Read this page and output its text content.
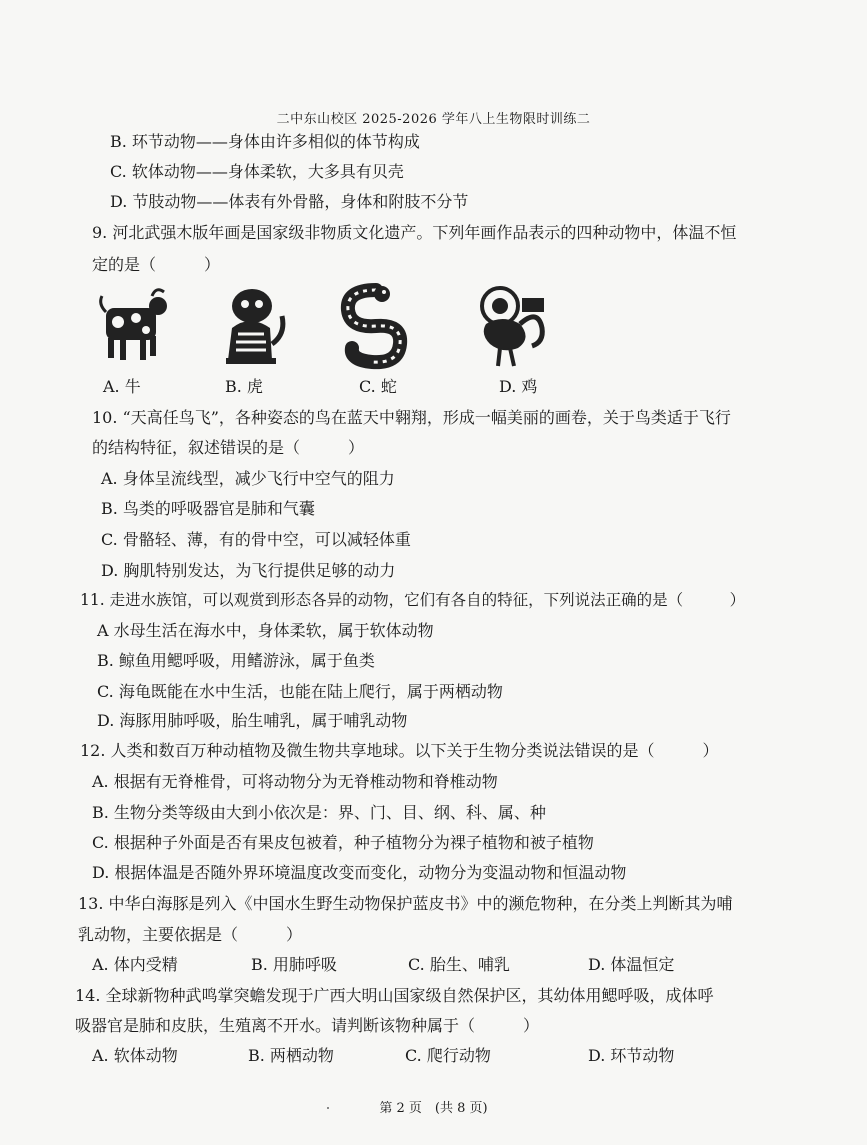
二中东山校区 2025-2026 学年八上生物限时训练二
B. 环节动物——身体由许多相似的体节构成
C. 软体动物——身体柔软，大多具有贝壳
D. 节肢动物——体表有外骨骼，身体和附肢不分节
9. 河北武强木版年画是国家级非物质文化遗产。下列年画作品表示的四种动物中，体温不恒
定的是（　　　）
A. 牛	B. 虎	C. 蛇	D. 鸡
10. “天高任鸟飞”，各种姿态的鸟在蓝天中翱翔，形成一幅美丽的画卷，关于鸟类适于飞行
的结构特征，叙述错误的是（　　　）
A. 身体呈流线型，减少飞行中空气的阻力
B. 鸟类的呼吸器官是肺和气囊
C. 骨骼轻、薄，有的骨中空，可以减轻体重
D. 胸肌特别发达，为飞行提供足够的动力
11. 走进水族馆，可以观赏到形态各异的动物，它们有各自的特征，下列说法正确的是（　　　）
A 水母生活在海水中，身体柔软，属于软体动物
B. 鲸鱼用鳃呼吸，用鳍游泳，属于鱼类
C. 海龟既能在水中生活，也能在陆上爬行，属于两栖动物
D. 海豚用肺呼吸，胎生哺乳，属于哺乳动物
12. 人类和数百万种动植物及微生物共享地球。以下关于生物分类说法错误的是（　　　）
A. 根据有无脊椎骨，可将动物分为无脊椎动物和脊椎动物
B. 生物分类等级由大到小依次是：界、门、目、纲、科、属、种
C. 根据种子外面是否有果皮包被着，种子植物分为裸子植物和被子植物
D. 根据体温是否随外界环境温度改变而变化，动物分为变温动物和恒温动物
13. 中华白海豚是列入《中国水生野生动物保护蓝皮书》中的濒危物种，在分类上判断其为哺
乳动物，主要依据是（　　　）
A. 体内受精	B. 用肺呼吸	C. 胎生、哺乳	D. 体温恒定
14. 全球新物种武鸣掌突蟾发现于广西大明山国家级自然保护区，其幼体用鳃呼吸，成体呼
吸器官是肺和皮肤，生殖离不开水。请判断该物种属于（　　　）
A. 软体动物	B. 两栖动物	C. 爬行动物	D. 环节动物
第 2 页　(共 8 页)
